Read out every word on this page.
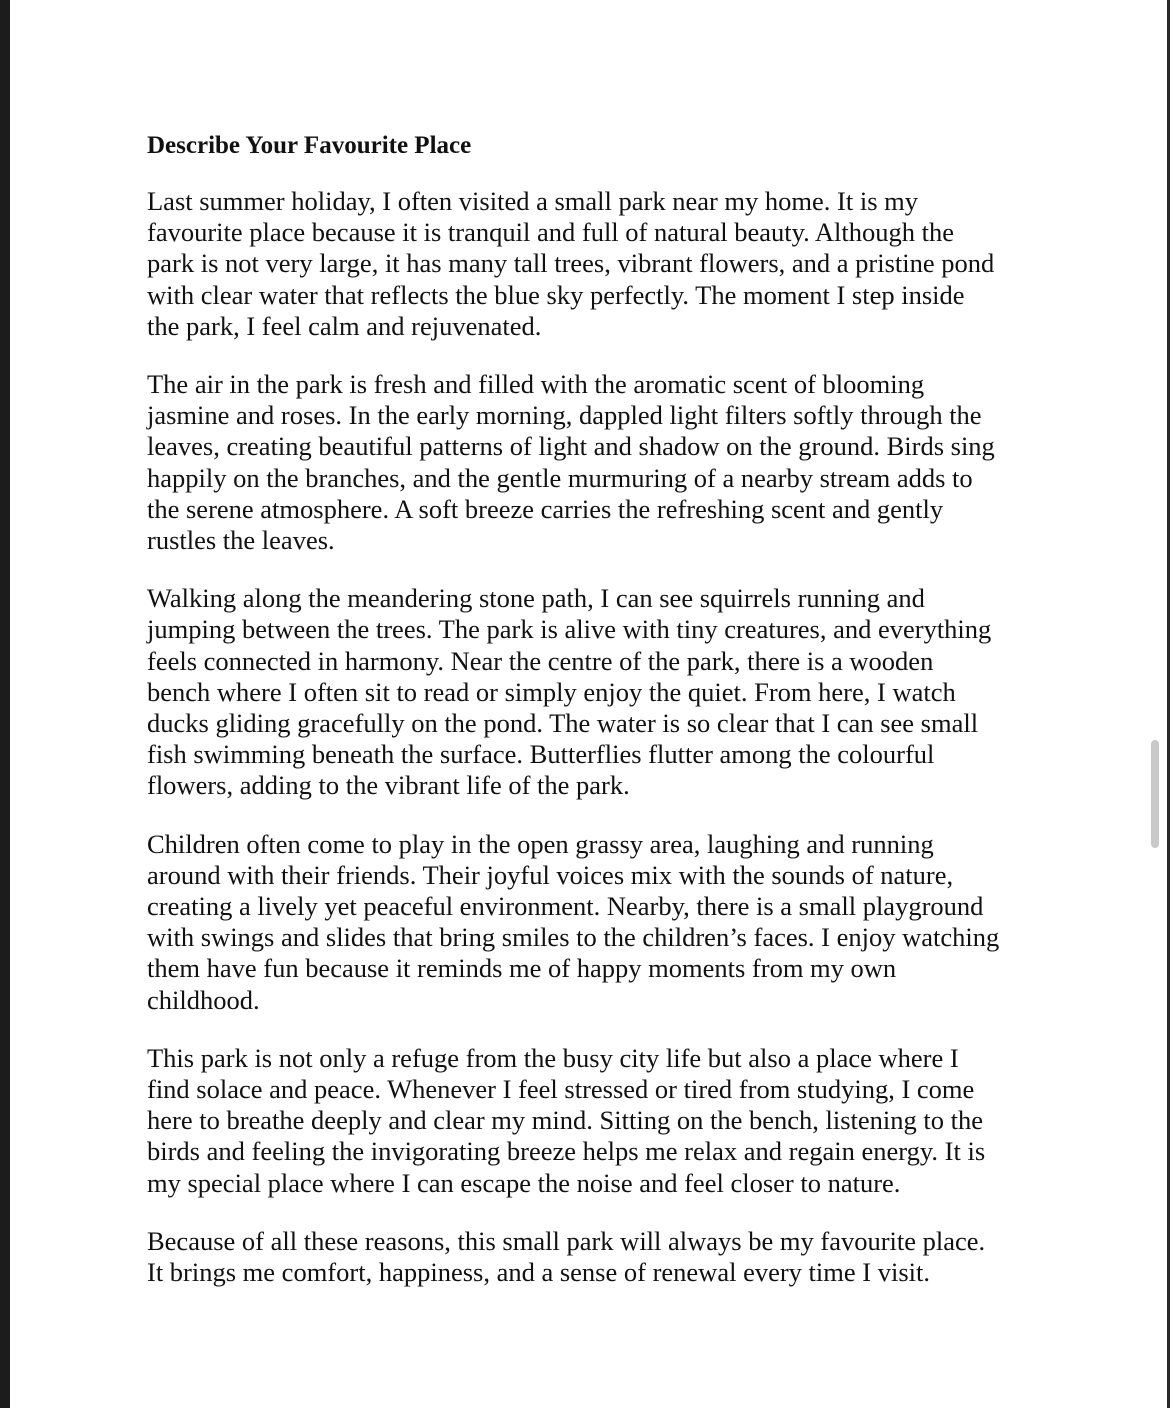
Describe Your Favourite Place

Last summer holiday, I often visited a small park near my home. It is my
favourite place because it is tranquil and full of natural beauty. Although the
park is not very large, it has many tall trees, vibrant flowers, and a pristine pond
with clear water that reflects the blue sky perfectly. The moment I step inside
the park, I feel calm and rejuvenated.

The air in the park is fresh and filled with the aromatic scent of blooming
jasmine and roses. In the early morning, dappled light filters softly through the
leaves, creating beautiful patterns of light and shadow on the ground. Birds sing
happily on the branches, and the gentle murmuring of a nearby stream adds to
the serene atmosphere. A soft breeze carries the refreshing scent and gently
rustles the leaves.

Walking along the meandering stone path, I can see squirrels running and
jumping between the trees. The park is alive with tiny creatures, and everything
feels connected in harmony. Near the centre of the park, there is a wooden
bench where I often sit to read or simply enjoy the quiet. From here, I watch
ducks gliding gracefully on the pond. The water is so clear that I can see small
fish swimming beneath the surface. Butterflies flutter among the colourful
flowers, adding to the vibrant life of the park.

Children often come to play in the open grassy area, laughing and running
around with their friends. Their joyful voices mix with the sounds of nature,
creating a lively yet peaceful environment. Nearby, there is a small playground
with swings and slides that bring smiles to the children’s faces. I enjoy watching
them have fun because it reminds me of happy moments from my own
childhood.

This park is not only a refuge from the busy city life but also a place where I
find solace and peace. Whenever I feel stressed or tired from studying, I come
here to breathe deeply and clear my mind. Sitting on the bench, listening to the
birds and feeling the invigorating breeze helps me relax and regain energy. It is
my special place where I can escape the noise and feel closer to nature.

Because of all these reasons, this small park will always be my favourite place.
It brings me comfort, happiness, and a sense of renewal every time I visit.
